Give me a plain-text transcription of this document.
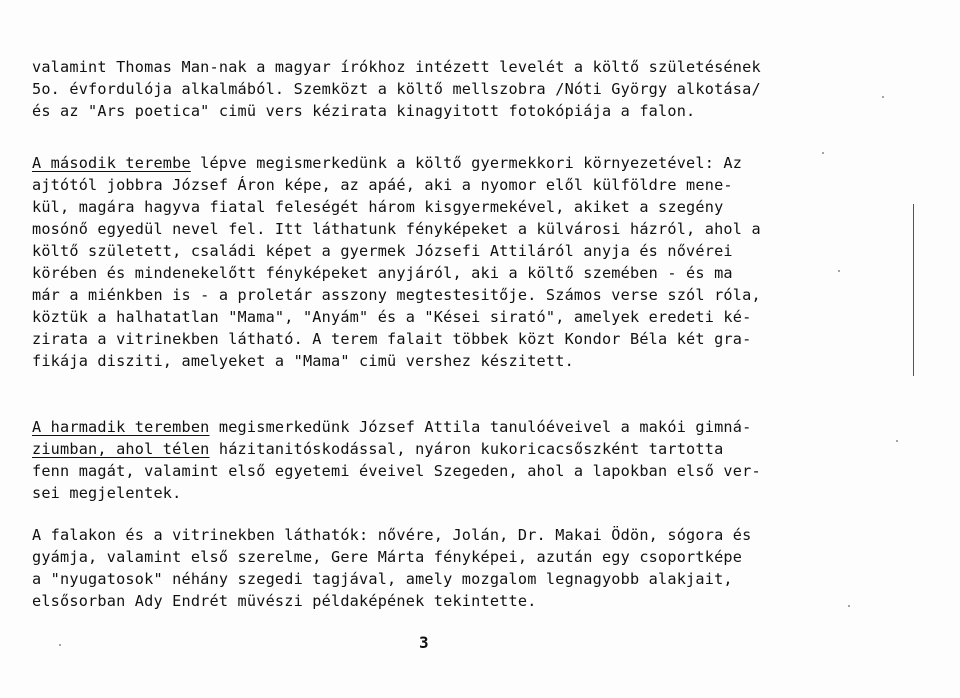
valamint Thomas Man-nak a magyar írókhoz intézett levelét a költő születésének
5o. évfordulója alkalmából. Szemközt a költő mellszobra /Nóti György alkotása/
és az "Ars poetica" cimü vers kézirata kinagyitott fotokópiája a falon.
A második terembe lépve megismerkedünk a költő gyermekkori környezetével: Az
ajtótól jobbra József Áron képe, az apáé, aki a nyomor elől külföldre mene-
kül, magára hagyva fiatal feleségét három kisgyermekével, akiket a szegény
mosónő egyedül nevel fel. Itt láthatunk fényképeket a külvárosi házról, ahol a
költő született, családi képet a gyermek Józsefi Attiláról anyja és nővérei
körében és mindenekelőtt fényképeket anyjáról, aki a költő szemében - és ma
már a miénkben is - a proletár asszony megtestesitője. Számos verse szól róla,
köztük a halhatatlan "Mama", "Anyám" és a "Kései sirató", amelyek eredeti ké-
zirata a vitrinekben látható. A terem falait többek közt Kondor Béla két gra-
fikája disziti, amelyeket a "Mama" cimü vershez készitett.
A harmadik teremben megismerkedünk József Attila tanulóéveivel a makói gimná-
ziumban, ahol télen házitanitóskodással, nyáron kukoricacsőszként tartotta
fenn magát, valamint első egyetemi éveivel Szegeden, ahol a lapokban első ver-
sei megjelentek.
A falakon és a vitrinekben láthatók: nővére, Jolán, Dr. Makai Ödön, sógora és
gyámja, valamint első szerelme, Gere Márta fényképei, azután egy csoportképe
a "nyugatosok" néhány szegedi tagjával, amely mozgalom legnagyobb alakjait,
elsősorban Ady Endrét müvészi példaképének tekintette.
3
